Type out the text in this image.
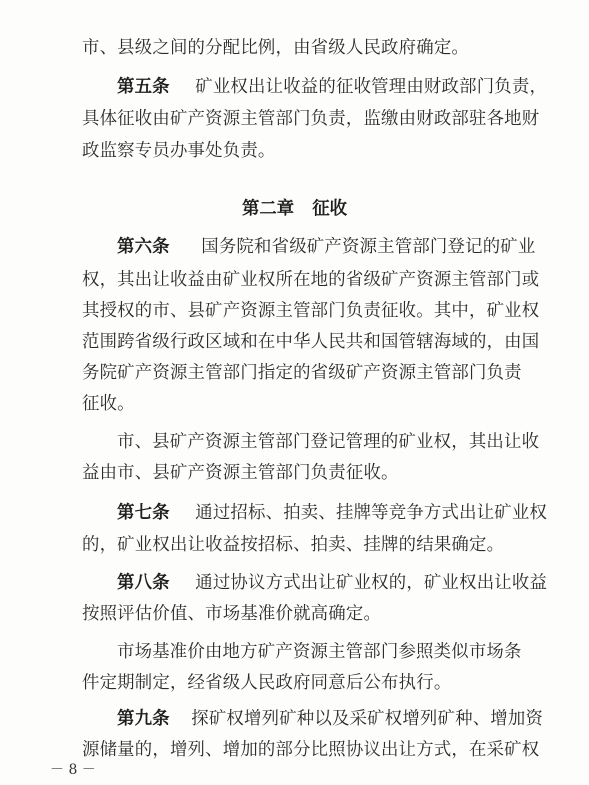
市、县级之间的分配比例，由省级人民政府确定。
第五条 矿业权出让收益的征收管理由财政部门负责，
具体征收由矿产资源主管部门负责，监缴由财政部驻各地财
政监察专员办事处负责。
第二章   征收
第六条 国务院和省级矿产资源主管部门登记的矿业
权，其出让收益由矿业权所在地的省级矿产资源主管部门或
其授权的市、县矿产资源主管部门负责征收。其中，矿业权
范围跨省级行政区域和在中华人民共和国管辖海域的，由国
务院矿产资源主管部门指定的省级矿产资源主管部门负责
征收。
市、县矿产资源主管部门登记管理的矿业权，其出让收
益由市、县矿产资源主管部门负责征收。
第七条 通过招标、拍卖、挂牌等竞争方式出让矿业权
的，矿业权出让收益按招标、拍卖、挂牌的结果确定。
第八条 通过协议方式出让矿业权的，矿业权出让收益
按照评估价值、市场基准价就高确定。
市场基准价由地方矿产资源主管部门参照类似市场条
件定期制定，经省级人民政府同意后公布执行。
第九条 探矿权增列矿种以及采矿权增列矿种、增加资
源储量的，增列、增加的部分比照协议出让方式，在采矿权
－ 8 －
